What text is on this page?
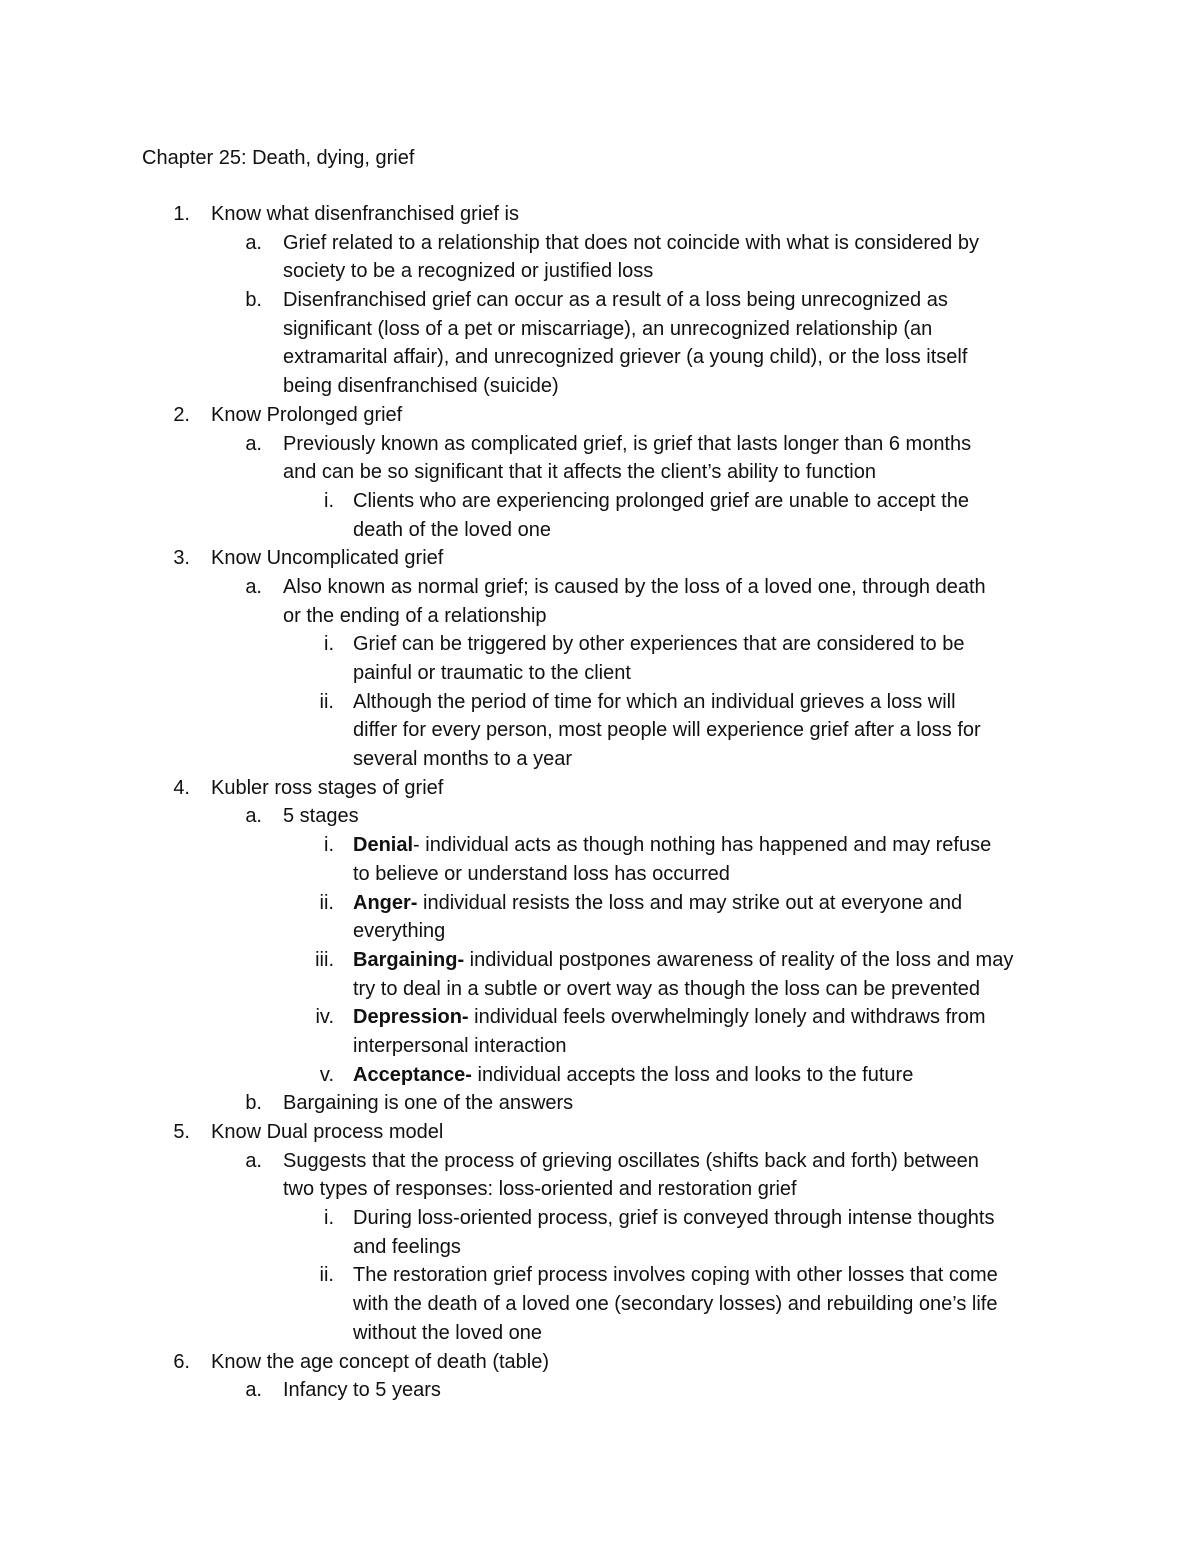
Chapter 25: Death, dying, grief
1. Know what disenfranchised grief is
a. Grief related to a relationship that does not coincide with what is considered by
society to be a recognized or justified loss
b. Disenfranchised grief can occur as a result of a loss being unrecognized as
significant (loss of a pet or miscarriage), an unrecognized relationship (an
extramarital affair), and unrecognized griever (a young child), or the loss itself
being disenfranchised (suicide)
2. Know Prolonged grief
a. Previously known as complicated grief, is grief that lasts longer than 6 months
and can be so significant that it affects the client’s ability to function
i. Clients who are experiencing prolonged grief are unable to accept the
death of the loved one
3. Know Uncomplicated grief
a. Also known as normal grief; is caused by the loss of a loved one, through death
or the ending of a relationship
i. Grief can be triggered by other experiences that are considered to be
painful or traumatic to the client
ii. Although the period of time for which an individual grieves a loss will
differ for every person, most people will experience grief after a loss for
several months to a year
4. Kubler ross stages of grief
a. 5 stages
i. Denial- individual acts as though nothing has happened and may refuse
to believe or understand loss has occurred
ii. Anger- individual resists the loss and may strike out at everyone and
everything
iii. Bargaining- individual postpones awareness of reality of the loss and may
try to deal in a subtle or overt way as though the loss can be prevented
iv. Depression- individual feels overwhelmingly lonely and withdraws from
interpersonal interaction
v. Acceptance- individual accepts the loss and looks to the future
b. Bargaining is one of the answers
5. Know Dual process model
a. Suggests that the process of grieving oscillates (shifts back and forth) between
two types of responses: loss-oriented and restoration grief
i. During loss-oriented process, grief is conveyed through intense thoughts
and feelings
ii. The restoration grief process involves coping with other losses that come
with the death of a loved one (secondary losses) and rebuilding one’s life
without the loved one
6. Know the age concept of death (table)
a. Infancy to 5 years
